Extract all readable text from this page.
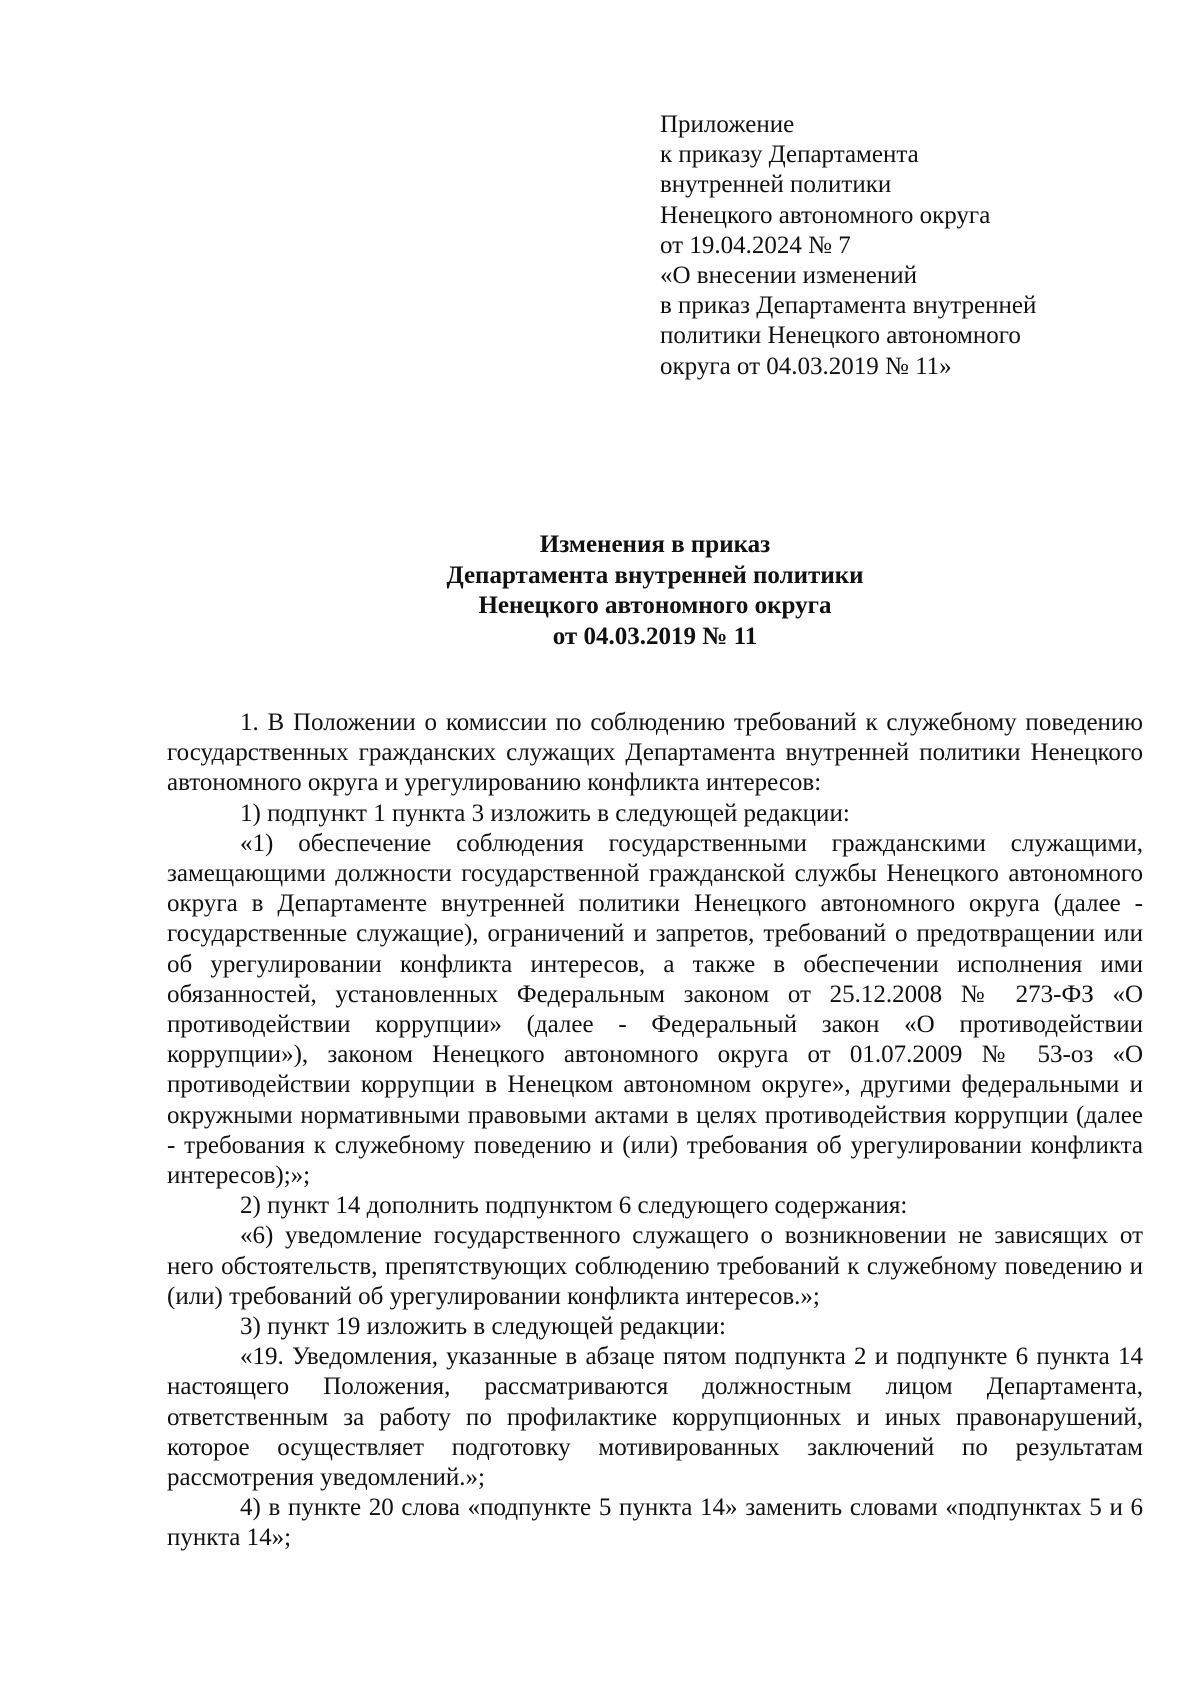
Приложение
к приказу Департамента
внутренней политики
Ненецкого автономного округа
от 19.04.2024 № 7
«О внесении изменений
в приказ Департамента внутренней
политики Ненецкого автономного
округа от 04.03.2019 № 11»
Изменения в приказ
Департамента внутренней политики
Ненецкого автономного округа
от 04.03.2019 № 11

1. В Положении о комиссии по соблюдению требований к служебному поведению государственных гражданских служащих Департамента внутренней политики Ненецкого автономного округа и урегулированию конфликта интересов:

1) подпункт 1 пункта 3 изложить в следующей редакции:

«1) обеспечение соблюдения государственными гражданскими служащими, замещающими должности государственной гражданской службы Ненецкого автономного округа в Департаменте внутренней политики Ненецкого автономного округа (далее - государственные служащие), ограничений и запретов, требований о предотвращении или об урегулировании конфликта интересов, а также в обеспечении исполнения ими обязанностей, установленных Федеральным законом от 25.12.2008 № 273-ФЗ «О противодействии коррупции» (далее - Федеральный закон «О противодействии коррупции»), законом Ненецкого автономного округа от 01.07.2009 № 53-оз «О противодействии коррупции в Ненецком автономном округе», другими федеральными и окружными нормативными правовыми актами в целях противодействия коррупции (далее - требования к служебному поведению и (или) требования об урегулировании конфликта интересов);»;

2) пункт 14 дополнить подпунктом 6 следующего содержания:

«6) уведомление государственного служащего о возникновении не зависящих от него обстоятельств, препятствующих соблюдению требований к служебному поведению и (или) требований об урегулировании конфликта интересов.»;

3) пункт 19 изложить в следующей редакции:

«19. Уведомления, указанные в абзаце пятом подпункта 2 и подпункте 6 пункта 14 настоящего Положения, рассматриваются должностным лицом Департамента, ответственным за работу по профилактике коррупционных и иных правонарушений, которое осуществляет подготовку мотивированных заключений по результатам рассмотрения уведомлений.»;

4) в пункте 20 слова «подпункте 5 пункта 14» заменить словами «подпунктах 5 и 6 пункта 14»;
